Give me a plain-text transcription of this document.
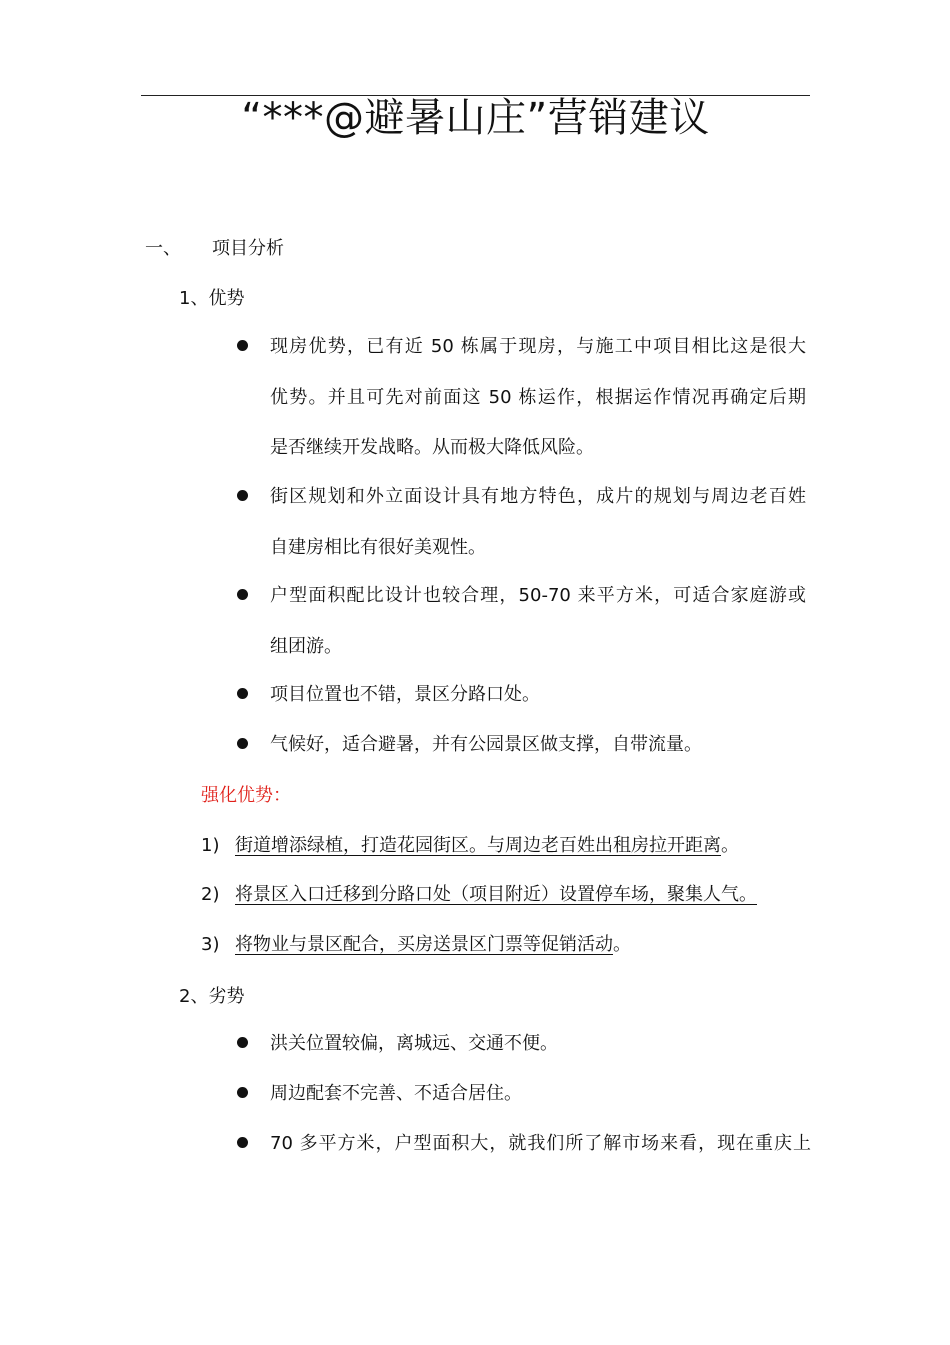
“***@避暑山庄”营销建议
一、 项目分析
1、优势
现房优势，已有近 50 栋属于现房，与施工中项目相比这是很大
优势。并且可先对前面这 50 栋运作，根据运作情况再确定后期
是否继续开发战略。从而极大降低风险。
街区规划和外立面设计具有地方特色，成片的规划与周边老百姓
自建房相比有很好美观性。
户型面积配比设计也较合理，50-70 来平方米，可适合家庭游或
组团游。
项目位置也不错，景区分路口处。
气候好，适合避暑，并有公园景区做支撑，自带流量。
强化优势：
1) 街道增添绿植，打造花园街区。与周边老百姓出租房拉开距离。
2) 将景区入口迁移到分路口处（项目附近）设置停车场，聚集人气。
3) 将物业与景区配合，买房送景区门票等促销活动。
2、劣势
洪关位置较偏，离城远、交通不便。
周边配套不完善、不适合居住。
70 多平方米，户型面积大，就我们所了解市场来看，现在重庆上
